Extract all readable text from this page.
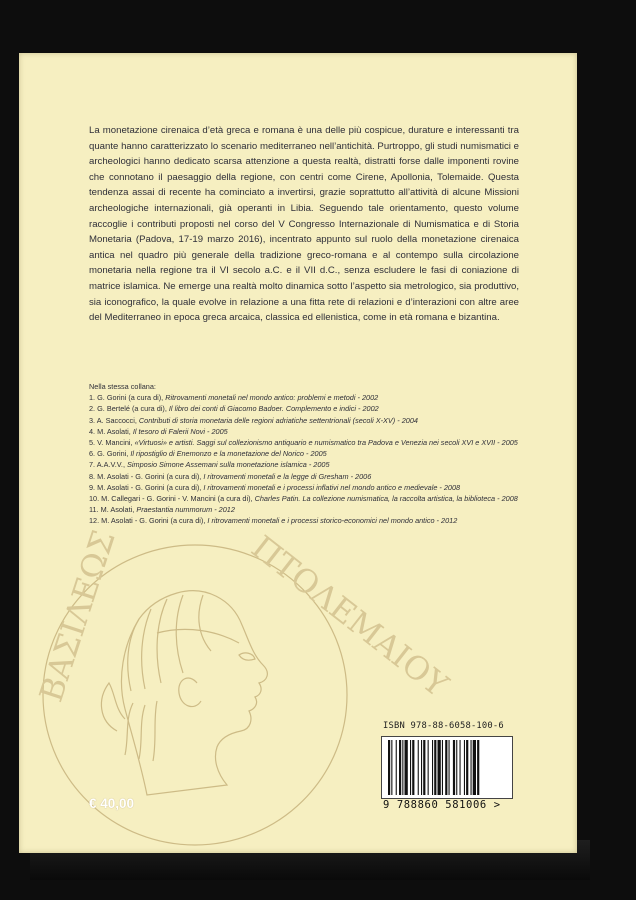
La monetazione cirenaica d’età greca e romana è una delle più cospicue, durature e interessanti tra quante hanno caratterizzato lo scenario mediterraneo nell’antichità. Purtroppo, gli studi numismatici e archeologici hanno dedicato scarsa attenzione a questa realtà, distratti forse dalle imponenti rovine che connotano il paesaggio della regione, con centri come Cirene, Apollonia, Tolemaide. Questa tendenza assai di recente ha cominciato a invertirsi, grazie soprattutto all’attività di alcune Missioni archeologiche internazionali, già operanti in Libia. Seguendo tale orientamento, questo volume raccoglie i contributi proposti nel corso del V Congresso Internazionale di Numismatica e di Storia Monetaria (Padova, 17-19 marzo 2016), incentrato appunto sul ruolo della monetazione cirenaica antica nel quadro più generale della tradizione greco-romana e al contempo sulla circolazione monetaria nella regione tra il VI secolo a.C. e il VII d.C., senza escludere le fasi di coniazione di matrice islamica. Ne emerge una realtà molto dinamica sotto l’aspetto sia metrologico, sia produttivo, sia iconografico, la quale evolve in relazione a una fitta rete di relazioni e d’interazioni con altre aree del Mediterraneo in epoca greca arcaica, classica ed ellenistica, come in età romana e bizantina.

Nella stessa collana:

1. G. Gorini (a cura di), Ritrovamenti monetali nel mondo antico: problemi e metodi - 2002
2. G. Bertelé (a cura di), Il libro dei conti di Giacomo Badoer. Complemento e indici - 2002
3. A. Saccocci, Contributi di storia monetaria delle regioni adriatiche settentrionali (secoli X-XV) - 2004
4. M. Asolati, Il tesoro di Falerii Novi - 2005
5. V. Mancini, «Virtuosi» e artisti. Saggi sul collezionismo antiquario e numismatico tra Padova e Venezia nei secoli XVI e XVII - 2005
6. G. Gorini, Il ripostiglio di Enemonzo e la monetazione del Norico - 2005
7. A.A.V.V., Simposio Simone Assemani sulla monetazione islamica - 2005
8. M. Asolati - G. Gorini (a cura di), I ritrovamenti monetali e la legge di Gresham - 2006
9. M. Asolati - G. Gorini (a cura di), I ritrovamenti monetali e i processi inflativi nel mondo antico e medievale - 2008
10. M. Callegari - G. Gorini - V. Mancini (a cura di), Charles Patin. La collezione numismatica, la raccolta artistica, la biblioteca - 2008
11. M. Asolati, Praestantia nummorum - 2012
12. M. Asolati - G. Gorini (a cura di), I ritrovamenti monetali e i processi storico-economici nel mondo antico - 2012
ΒΑΣΙΛΕΩΣ	ΠΤΟΛΕΜΑΙΟΥ
ISBN 978-88-6058-100-6
9 788860 581006 >
€ 40,00
